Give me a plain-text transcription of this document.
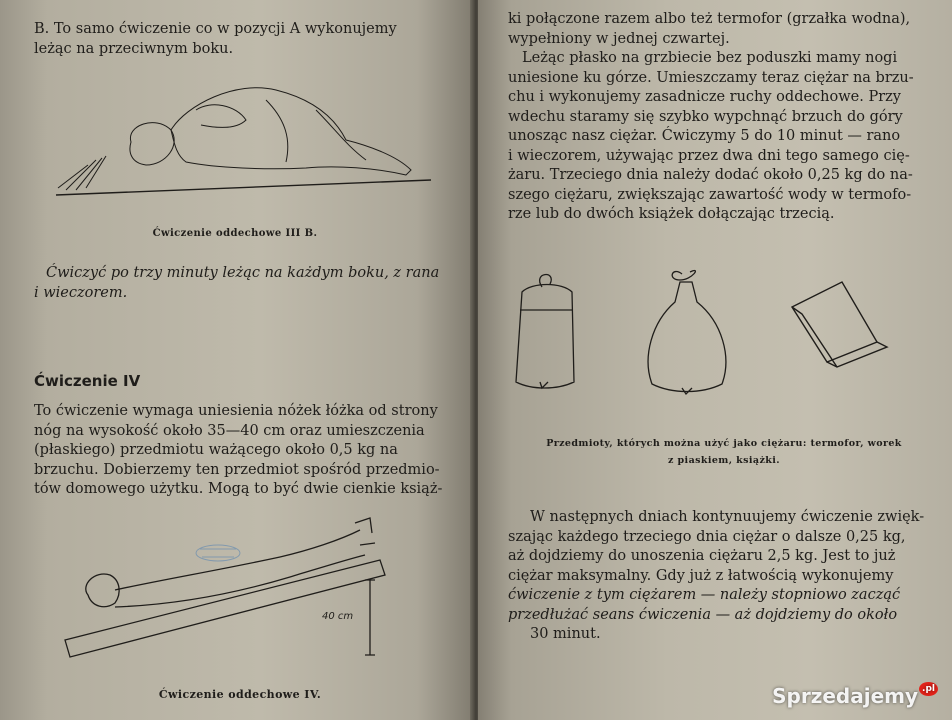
B. To samo ćwiczenie co w pozycji A wykonujemy

leżąc na przeciwnym boku.

Ćwiczenie oddechowe III B.

Ćwiczyć po trzy minuty leżąc na każdym boku, z rana

i wieczorem.

Ćwiczenie IV

To ćwiczenie wymaga uniesienia nóżek łóżka od strony

nóg na wysokość około 35—40 cm oraz umieszczenia

(płaskiego) przedmiotu ważącego około 0,5 kg na

brzuchu. Dobierzemy ten przedmiot spośród przedmio-

tów domowego użytku. Mogą to być dwie cienkie książ-

40 cm
Ćwiczenie oddechowe IV.

ki połączone razem albo też termofor (grzałka wodna),

wypełniony w jednej czwartej.

Leżąc płasko na grzbiecie bez poduszki mamy nogi

uniesione ku górze. Umieszczamy teraz ciężar na brzu-

chu i wykonujemy zasadnicze ruchy oddechowe. Przy

wdechu staramy się szybko wypchnąć brzuch do góry

unosząc nasz ciężar. Ćwiczymy 5 do 10 minut — rano

i wieczorem, używając przez dwa dni tego samego cię-

żaru. Trzeciego dnia należy dodać około 0,25 kg do na-

szego ciężaru, zwiększając zawartość wody w termofo-

rze lub do dwóch książek dołączając trzecią.

Przedmioty, których można użyć jako ciężaru: termofor, worek
z piaskiem, książki.

W następnych dniach kontynuujemy ćwiczenie zwięk-

szając każdego trzeciego dnia ciężar o dalsze 0,25 kg,

aż dojdziemy do unoszenia ciężaru 2,5 kg. Jest to już

ciężar maksymalny. Gdy już z łatwością wykonujemy

ćwiczenie z tym ciężarem — należy stopniowo zacząć

przedłużać seans ćwiczenia — aż dojdziemy do około

30 minut.

Sprzedajemy $^{.pl}$
